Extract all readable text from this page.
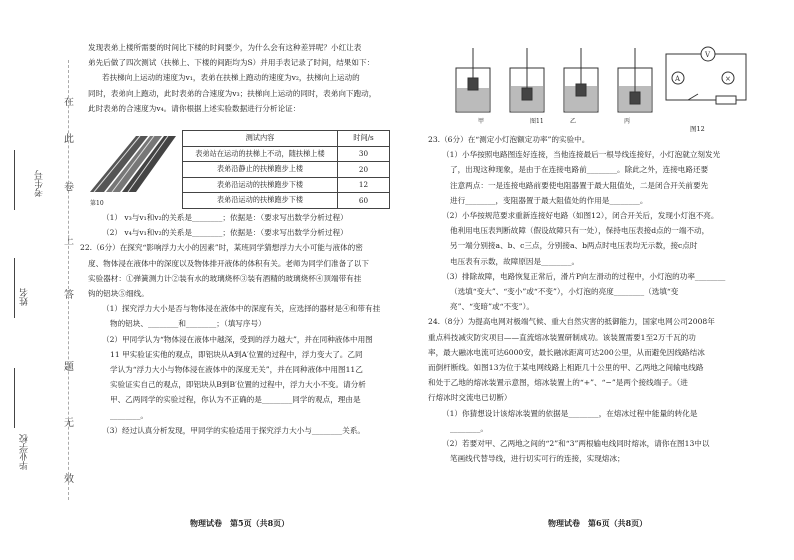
考生号
姓名
毕业学校
在
此
卷
上
答
题
无
效

发现表弟上楼所需要的时间比下楼的时间要少，为什么会有这种差异呢？小红让表

弟先后做了四次测试（扶梯上、下楼的间距均为S）并用手表记录了时间，结果如下：

若扶梯向上运动的速度为v₁，表弟在扶梯上跑动的速度为v₂，扶梯向上运动的

同时，表弟向上跑动，此时表弟的合速度为v₃；扶梯向上运动的同时，表弟向下跑动，

此时表弟的合速度为v₄。请你根据上述实验数据进行分析论证：

第10
测试内容	时间/s
表弟站在运动的扶梯上不动，随扶梯上楼	30
表弟沿静止的扶梯跑步上楼	20
表弟沿运动的扶梯跑步下楼	12
表弟沿运动的扶梯跑步下楼	60

（1） v₃与v₁和v₂的关系是________；依据是：（要求写出数学分析过程）

（2） v₄与v₁和v₂的关系是________；依据是：（要求写出数学分析过程）

22.（6分）在探究“影响浮力大小的因素”时，某班同学猜想浮力大小可能与液体的密

度、物体浸在液体中的深度以及物体排开液体的体积有关。老师为同学们准备了以下

实验器材：①弹簧测力计②装有水的玻璃烧杯③装有酒精的玻璃烧杯④顶端带有挂

钩的铝块⑤细线。

（1）探究浮力大小是否与物体浸在液体中的深度有关，应选择的器材是④和带有挂

物的铝块、________和________；（填写序号）

（2）甲同学认为“物体浸在液体中越深，受到的浮力越大”，并在同种液体中用图

11 甲实验证实他的观点，即铝块从A到A′位置的过程中，浮力变大了。乙同

学认为“浮力大小与物体浸在液体中的深度无关”，并在同种液体中用图11乙

实验证实自己的观点，即铝块从B到B′位置的过程中，浮力大小不变。请分析

甲、乙两同学的实验过程，你认为不正确的是________同学的观点，理由是

________。

（3）经过认真分析发现，甲同学的实验适用于探究浮力大小与________关系。

物理试卷　第5页（共8页）
甲	乙	丙
图11
V
A	×
图12

23.（6分）在“测定小灯泡额定功率”的实验中。

（1）小华按照电路图连好连接，当他连接最后一根导线连接好，小灯泡就立刻发光

了，出现这种现象，是由于在连接电路前________。除此之外，连接电路还要

注意两点：一是连接电路前要使电阻器置于最大阻值处，二是闭合开关前要先

进行________，变阻器置于最大阻值处的作用是________。

（2）小华按规范要求重新连接好电路（如图12），闭合开关后，发现小灯泡不亮。

他利用电压表判断故障（假设故障只有一处），保持电压表接d点的一端不动，

另一端分别接a、b、c三点，分别接a、b两点时电压表均无示数，接c点时

电压表有示数，故障原因是________。

（3）排除故障，电路恢复正常后，滑片P向左滑动的过程中，小灯泡的功率________

（选填“变大”、“变小”或“不变”），小灯泡的亮度________（选填“变

亮”、“变暗”或“不变”）。

24.（8分）为提高电网对极端气候、重大自然灾害的抵御能力，国家电网公司2008年

重点科技减灾防灾项目——直流熔冰装置研制成功。该装置需要1至2万千瓦的功

率，最大融冰电流可达6000安，最长融冰距离可达200公里，从而避免因线路结冰

而倒杆断线。如图13为位于某电网线路上相距几十公里的甲、乙两地之间输电线路

和处于乙地的熔冰装置示意图，熔冰装置上的“+”、“−”是两个接线端子。（进

行熔冰时交流电已切断）

（1）你猜想设计该熔冰装置的依据是________，在熔冰过程中能量的转化是

________。

（2）若要对甲、乙两地之间的“2”和“3”两根输电线同时熔冰，请你在图13中以

笔画线代替导线，进行切实可行的连接，实现熔冰；

物理试卷　第6页（共8页）
